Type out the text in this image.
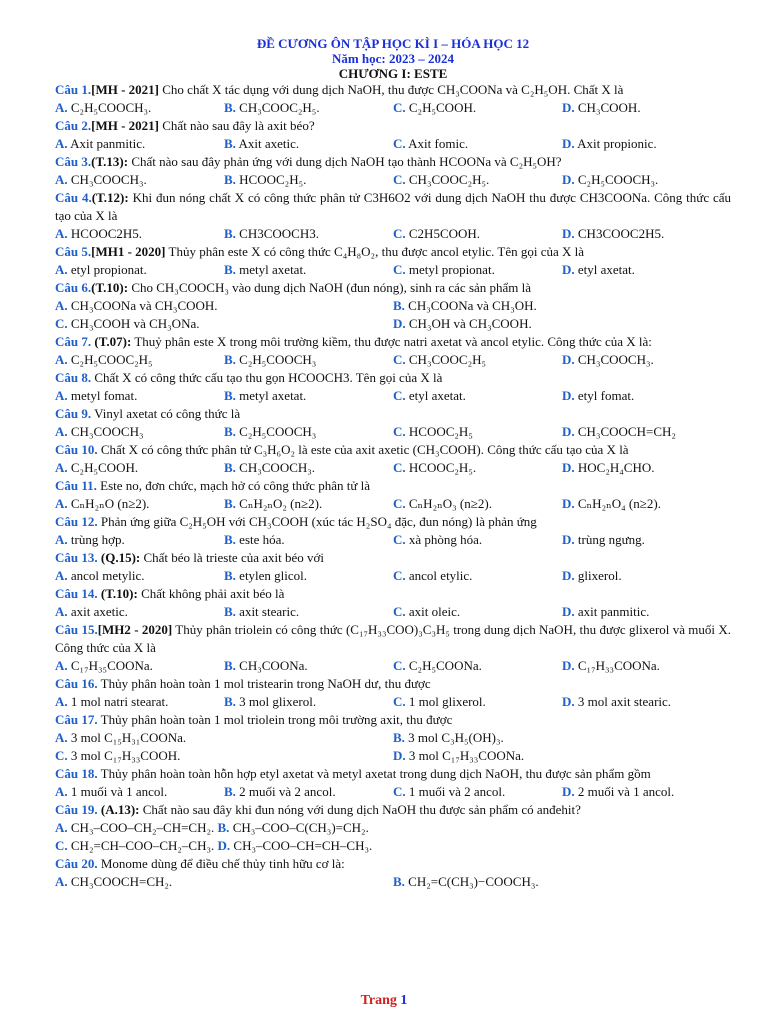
ĐỀ CƯƠNG ÔN TẬP HỌC KÌ I – HÓA HỌC 12
Năm học: 2023 – 2024
CHƯƠNG I: ESTE
Câu 1.[MH - 2021] Cho chất X tác dụng với dung dịch NaOH, thu được CH₃COONa và C₂H₅OH. Chất X là
A. C₂H₅COOCH₃.	B. CH₃COOC₂H₅.	C. C₂H₅COOH.	D. CH₃COOH.
Câu 2.[MH - 2021] Chất nào sau đây là axit béo?
A. Axit panmitic.	B. Axit axetic.	C. Axit fomic.	D. Axit propionic.
Câu 3.(T.13): Chất nào sau đây phản ứng với dung dịch NaOH tạo thành HCOONa và C₂H₅OH?
A. CH₃COOCH₃.	B. HCOOC₂H₅.	C. CH₃COOC₂H₅.	D. C₂H₅COOCH₃.
Câu 4.(T.12): Khi đun nóng chất X có công thức phân tử C3H6O2 với dung dịch NaOH thu được CH3COONa. Công thức cấu tạo của X là
A. HCOOC2H5.	B. CH3COOCH3.	C. C2H5COOH.	D. CH3COOC2H5.
Câu 5.[MH1 - 2020] Thủy phân este X có công thức C₄H₈O₂, thu được ancol etylic. Tên gọi của X là
A. etyl propionat.	B. metyl axetat.	C. metyl propionat.	D. etyl axetat.
Câu 6.(T.10): Cho CH₃COOCH₃ vào dung dịch NaOH (đun nóng), sinh ra các sản phẩm là
A. CH₃COONa và CH₃COOH.	B. CH₃COONa và CH₃OH.
C. CH₃COOH và CH₃ONa.	D. CH₃OH và CH₃COOH.
Câu 7. (T.07): Thuỷ phân este X trong môi trường kiềm, thu được natri axetat và ancol etylic. Công thức của X là:
A. C₂H₅COOC₂H₅	B. C₂H₅COOCH₃	C. CH₃COOC₂H₅	D. CH₃COOCH₃.
Câu 8. Chất X có công thức cấu tạo thu gọn HCOOCH3. Tên gọi của X là
A. metyl fomat.	B. metyl axetat.	C. etyl axetat.	D. etyl fomat.
Câu 9. Vinyl axetat có công thức là
A. CH₃COOCH₃	B. C₂H₅COOCH₃	C. HCOOC₂H₅	D. CH₃COOCH=CH₂
Câu 10. Chất X có công thức phân tử C₃H₆O₂ là este của axit axetic (CH₃COOH). Công thức cấu tạo của X là
A. C₂H₅COOH.	B. CH₃COOCH₃.	C. HCOOC₂H₅.	D. HOC₂H₄CHO.
Câu 11. Este no, đơn chức, mạch hở có công thức phân tử là
A. CₙH₂ₙO (n≥2).	B. CₙH₂ₙO₂ (n≥2).	C. CₙH₂ₙO₃ (n≥2).	D. CₙH₂ₙO₄ (n≥2).
Câu 12. Phản ứng giữa C₂H₅OH với CH₃COOH (xúc tác H₂SO₄ đặc, đun nóng) là phản ứng
A. trùng hợp.	B. este hóa.	C. xà phòng hóa.	D. trùng ngưng.
Câu 13. (Q.15): Chất béo là trieste của axit béo với
A. ancol metylic.	B. etylen glicol.	C. ancol etylic.	D. glixerol.
Câu 14. (T.10): Chất không phải axit béo là
A. axit axetic.	B. axit stearic.	C. axit oleic.	D. axit panmitic.
Câu 15.[MH2 - 2020] Thủy phân triolein có công thức (C₁₇H₃₃COO)₃C₃H₅ trong dung dịch NaOH, thu được glixerol và muối X. Công thức của X là
A. C₁₇H₃₅COONa.	B. CH₃COONa.	C. C₂H₅COONa.	D. C₁₇H₃₃COONa.
Câu 16. Thủy phân hoàn toàn 1 mol tristearin trong NaOH dư, thu được
A. 1 mol natri stearat.	B. 3 mol glixerol.	C. 1 mol glixerol.	D. 3 mol axit stearic.
Câu 17. Thủy phân hoàn toàn 1 mol triolein trong môi trường axit, thu được
A. 3 mol C₁₅H₃₁COONa.	B. 3 mol C₃H₅(OH)₃.
C. 3 mol C₁₇H₃₃COOH.	D. 3 mol C₁₇H₃₃COONa.
Câu 18. Thủy phân hoàn toàn hỗn hợp etyl axetat và metyl axetat trong dung dịch NaOH, thu được sản phẩm gồm
A. 1 muối và 1 ancol.	B. 2 muối và 2 ancol.	C. 1 muối và 2 ancol.	D. 2 muối và 1 ancol.
Câu 19. (A.13): Chất nào sau đây khi đun nóng với dung dịch NaOH thu được sản phẩm có anđehit?
A. CH₃–COO–CH₂–CH=CH₂. B. CH₃–COO–C(CH₃)=CH₂.
C. CH₂=CH–COO–CH₂–CH₃. D. CH₃–COO–CH=CH–CH₃.
Câu 20. Monome dùng để điều chế thủy tinh hữu cơ là:
A. CH₃COOCH=CH₂.	B. CH₂=C(CH₃)−COOCH₃.
Trang 1
